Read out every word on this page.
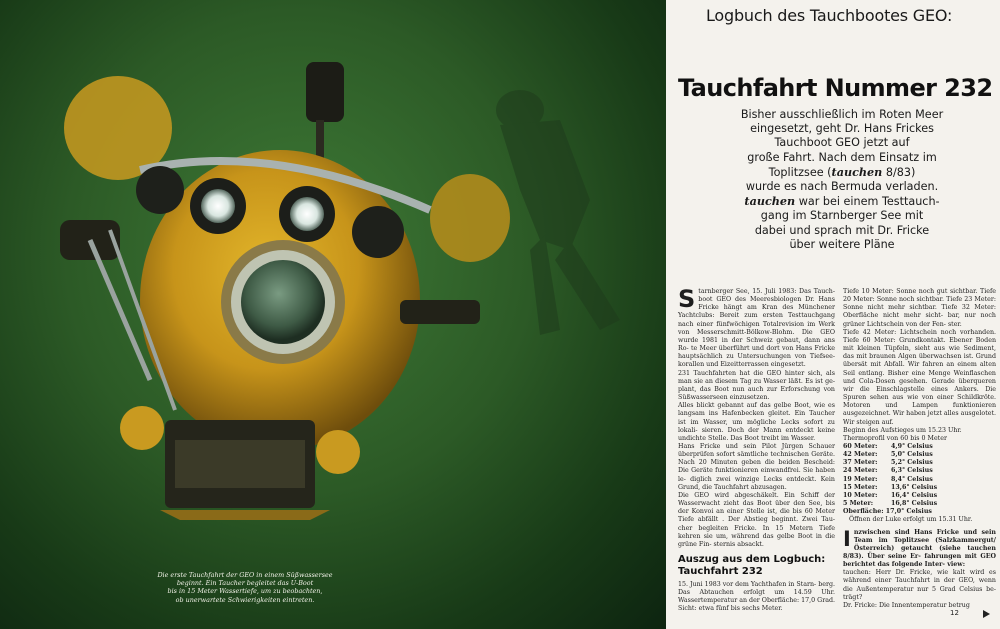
Die erste Tauchfahrt der GEO in einem Süßwassersee
beginnt. Ein Taucher begleitet das U-Boot
bis in 15 Meter Wassertiefe, um zu beobachten,
ob unerwartete Schwierigkeiten eintreten.
Logbuch des Tauchbootes GEO:
Tauchfahrt Nummer 232
Bisher ausschließlich im Roten Meer
eingesetzt, geht Dr. Hans Frickes
Tauchboot GEO jetzt auf
große Fahrt. Nach dem Einsatz im
Toplitzsee (tauchen 8/83)
wurde es nach Bermuda verladen.
tauchen war bei einem Testtauch-
gang im Starnberger See mit
dabei und sprach mit Dr. Fricke
über weitere Pläne
S tarnberger See, 15. Juli 1983: Das Tauch- boot GEO des Meeresbiologen Dr. Hans Fricke hängt am Kran des Münchener Yachtclubs: Bereit zum ersten Testtauchgang nach einer fünfwöchigen Totalrevision im Werk von Messerschmitt-Bölkow-Blohm. Die GEO wurde 1981 in der Schweiz gebaut, dann ans Ro- te Meer überführt und dort von Hans Fricke hauptsächlich zu Untersuchungen von Tiefsee- korallen und Eizeitterrassen eingesetzt.

231 Tauchfahrten hat die GEO hinter sich, als man sie an diesem Tag zu Wasser läßt. Es ist ge- plant, das Boot nun auch zur Erforschung von Süßwasserseen einzusetzen.

Alles blickt gebannt auf das gelbe Boot, wie es langsam ins Hafenbecken gleitet. Ein Taucher ist im Wasser, um mögliche Lecks sofort zu lokali- sieren. Doch der Mann entdeckt keine undichte Stelle. Das Boot treibt im Wasser.

Hans Fricke und sein Pilot Jürgen Schauer überprüfen sofort sämtliche technischen Geräte. Nach 20 Minuten geben die beiden Bescheid: Die Geräte funktionieren einwandfrei. Sie haben le- diglich zwei winzige Lecks entdeckt. Kein Grund, die Tauchfahrt abzusagen.

Die GEO wird abgeschäkelt. Ein Schiff der Wasserwacht zieht das Boot über den See, bis der Konvoi an einer Stelle ist, die bis 60 Meter Tiefe abfällt . Der Abstieg beginnt. Zwei Tau- cher begleiten Fricke. In 15 Metern Tiefe kehren sie um, während das gelbe Boot in die grüne Fin- sternis absackt.

Auszug aus dem Logbuch:
Tauchfahrt 232

15. Juni 1983 vor dem Yachthafen in Starn- berg. Das Abtauchen erfolgt um 14.59 Uhr. Wassertemperatur an der Oberfläche: 17,0 Grad. Sicht: etwa fünf bis sechs Meter.

Tiefe 10 Meter: Sonne noch gut sichtbar. Tiefe 20 Meter: Sonne noch sichtbar. Tiefe 23 Meter: Sonne nicht mehr sichtbar. Tiefe 32 Meter: Oberfläche nicht mehr sicht- bar, nur noch grüner Lichtschein von der Fen- ster.

Tiefe 42 Meter: Lichtschein noch vorhanden. Tiefe 60 Meter: Grundkontakt. Ebener Boden mit kleinen Tüpfeln, sieht aus wie Sediment, das mit braunen Algen überwachsen ist. Grund übersät mit Abfall. Wir fahren an einem alten Seil entlang. Bisher eine Menge Weinflaschen und Cola-Dosen gesehen. Gerade überqueren wir die Einschlagstelle eines Ankers. Die Spuren sehen aus wie von einer Schildkröte. Motoren und Lampen funktionieren ausgezeichnet. Wir haben jetzt alles ausgelotet. Wir steigen auf.

Beginn des Aufstieges um 15.23 Uhr.
Thermoprofil von 60 bis 0 Meter

60 Meter:	4,9° Celsius
42 Meter:	5,0° Celsius
37 Meter:	5,2° Celsius
24 Meter:	6,3° Celsius
19 Meter:	8,4° Celsius
15 Meter:	13,6° Celsius
10 Meter:	16,4° Celsius
5 Meter:	16,8° Celsius
Oberfläche: 17,0° Celsius

Öffnen der Luke erfolgt um 15.31 Uhr.

I nzwischen sind Hans Fricke und sein Team im Toplitzsee (Salzkammergut/Österreich) getaucht (siehe tauchen 8/83). Über seine Er- fahrungen mit GEO berichtet das folgende Inter- view:

tauchen: Herr Dr. Fricke, wie kalt wird es während einer Tauchfahrt in der GEO, wenn die Außentemperatur nur 5 Grad Celsius be- trägt?

Dr. Fricke: Die Innentemperatur betrug

12
